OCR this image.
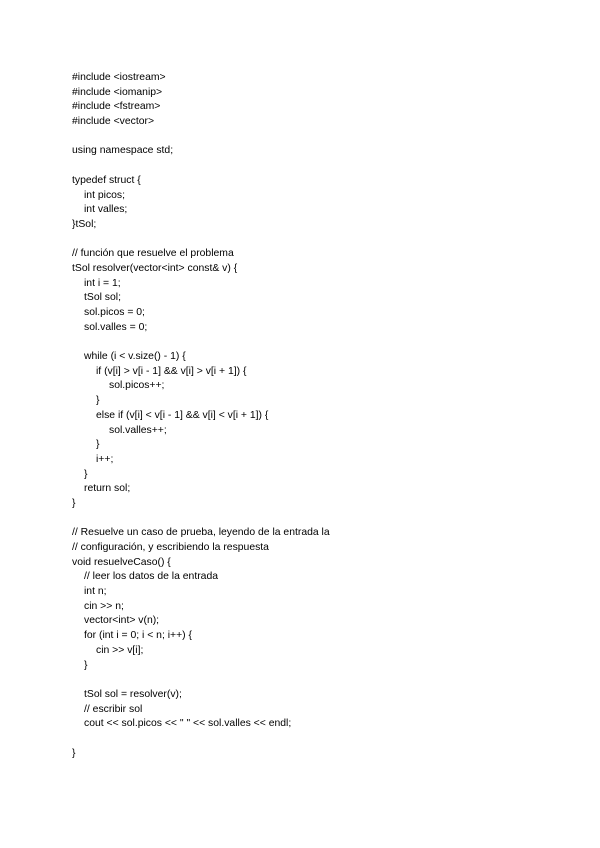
#include <iostream>
#include <iomanip>
#include <fstream>
#include <vector>
using namespace std;
typedef struct {
int picos;
int valles;
}tSol;
// función que resuelve el problema
tSol resolver(vector<int> const& v) {
int i = 1;
tSol sol;
sol.picos = 0;
sol.valles = 0;
while (i < v.size() - 1) {
if (v[i] > v[i - 1] && v[i] > v[i + 1]) {
sol.picos++;
}
else if (v[i] < v[i - 1] && v[i] < v[i + 1]) {
sol.valles++;
}
i++;
}
return sol;
}
// Resuelve un caso de prueba, leyendo de la entrada la
// configuración, y escribiendo la respuesta
void resuelveCaso() {
// leer los datos de la entrada
int n;
cin >> n;
vector<int> v(n);
for (int i = 0; i < n; i++) {
cin >> v[i];
}
tSol sol = resolver(v);
// escribir sol
cout << sol.picos << " " << sol.valles << endl;
}
